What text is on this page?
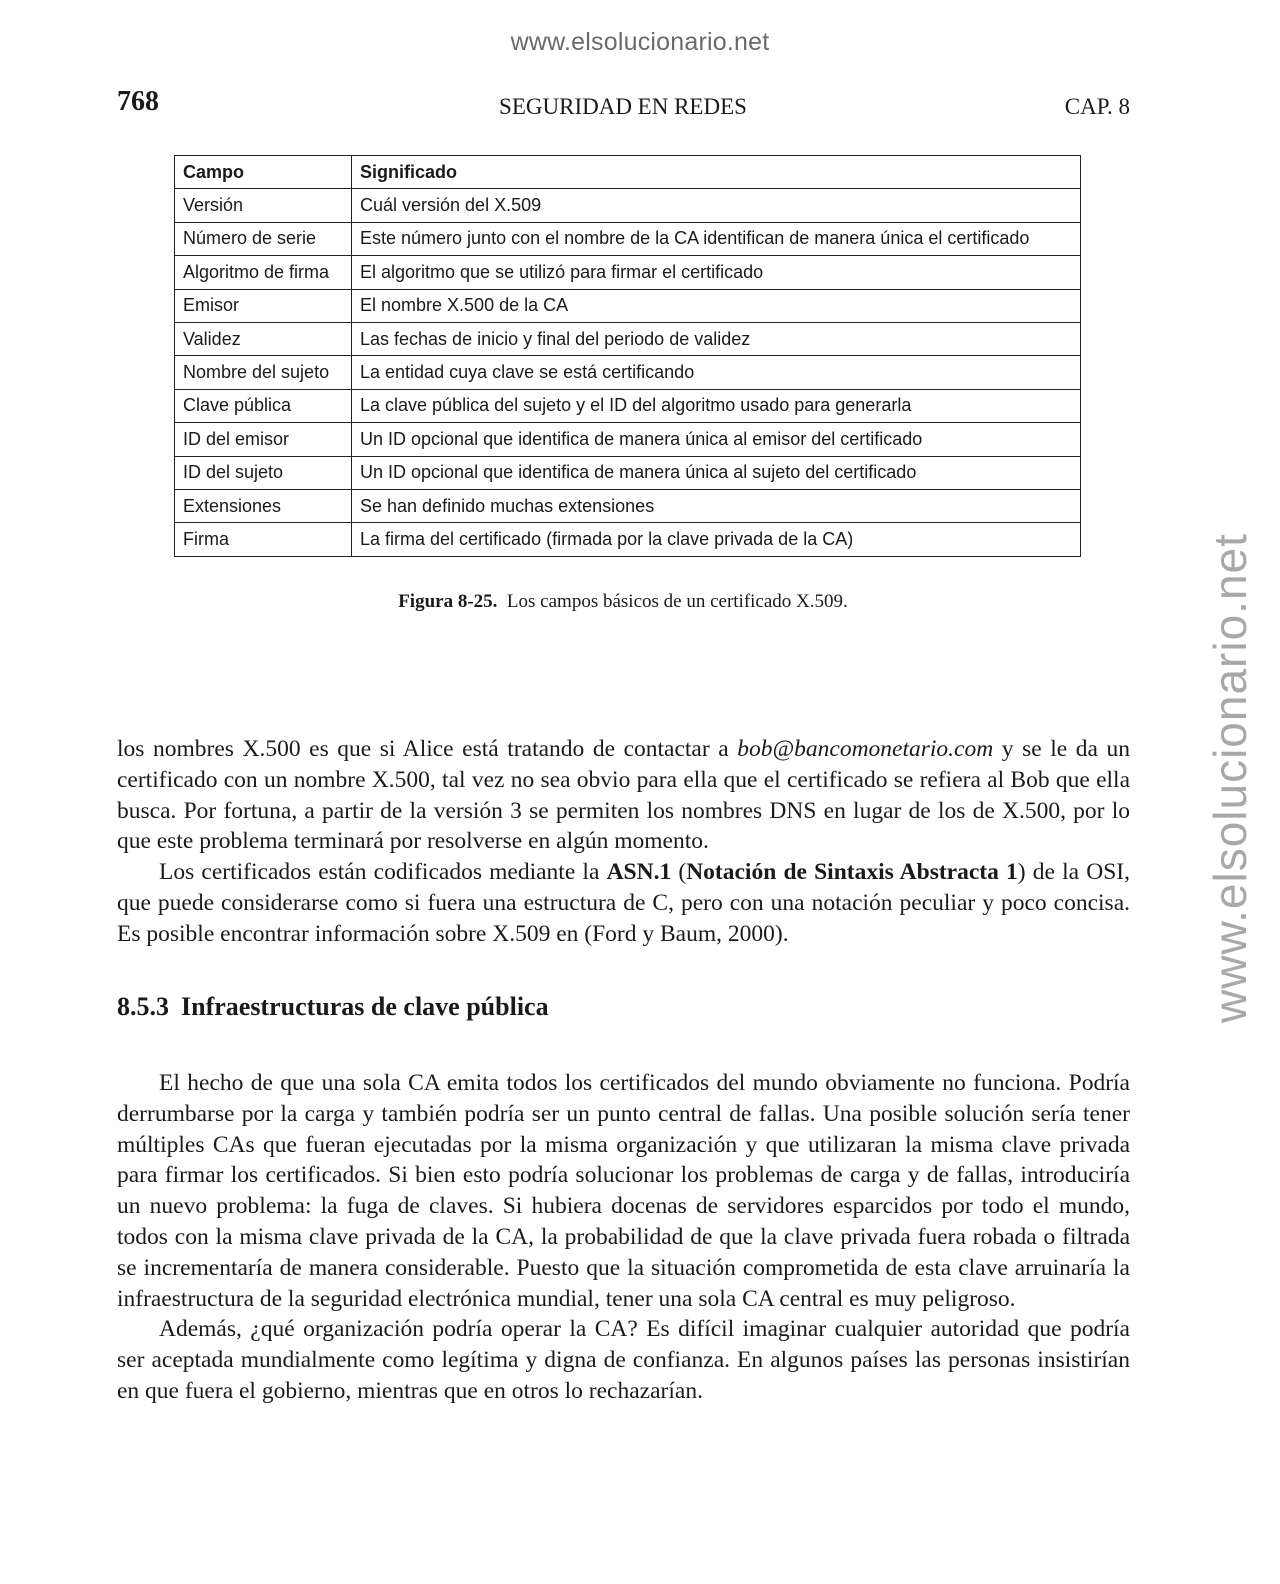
www.elsolucionario.net
www.elsolucionario.net
768	SEGURIDAD EN REDES	CAP. 8
Campo	Significado
Versión	Cuál versión del X.509
Número de serie	Este número junto con el nombre de la CA identifican de manera única el certificado
Algoritmo de firma	El algoritmo que se utilizó para firmar el certificado
Emisor	El nombre X.500 de la CA
Validez	Las fechas de inicio y final del periodo de validez
Nombre del sujeto	La entidad cuya clave se está certificando
Clave pública	La clave pública del sujeto y el ID del algoritmo usado para generarla
ID del emisor	Un ID opcional que identifica de manera única al emisor del certificado
ID del sujeto	Un ID opcional que identifica de manera única al sujeto del certificado
Extensiones	Se han definido muchas extensiones
Firma	La firma del certificado (firmada por la clave privada de la CA)
Figura 8-25. Los campos básicos de un certificado X.509.

los nombres X.500 es que si Alice está tratando de contactar a bob@bancomonetario.com y se le da un certificado con un nombre X.500, tal vez no sea obvio para ella que el certificado se refiera al Bob que ella busca. Por fortuna, a partir de la versión 3 se permiten los nombres DNS en lugar de los de X.500, por lo que este problema terminará por resolverse en algún momento.

Los certificados están codificados mediante la ASN.1 (Notación de Sintaxis Abstracta 1) de la OSI, que puede considerarse como si fuera una estructura de C, pero con una notación peculiar y poco concisa. Es posible encontrar información sobre X.509 en (Ford y Baum, 2000).

8.5.3 Infraestructuras de clave pública

El hecho de que una sola CA emita todos los certificados del mundo obviamente no funciona. Podría derrumbarse por la carga y también podría ser un punto central de fallas. Una posible solución sería tener múltiples CAs que fueran ejecutadas por la misma organización y que utilizaran la misma clave privada para firmar los certificados. Si bien esto podría solucionar los problemas de carga y de fallas, introduciría un nuevo problema: la fuga de claves. Si hubiera docenas de servidores esparcidos por todo el mundo, todos con la misma clave privada de la CA, la probabilidad de que la clave privada fuera robada o filtrada se incrementaría de manera considerable. Puesto que la situación comprometida de esta clave arruinaría la infraestructura de la seguridad electrónica mundial, tener una sola CA central es muy peligroso.

Además, ¿qué organización podría operar la CA? Es difícil imaginar cualquier autoridad que podría ser aceptada mundialmente como legítima y digna de confianza. En algunos países las personas insistirían en que fuera el gobierno, mientras que en otros lo rechazarían.
